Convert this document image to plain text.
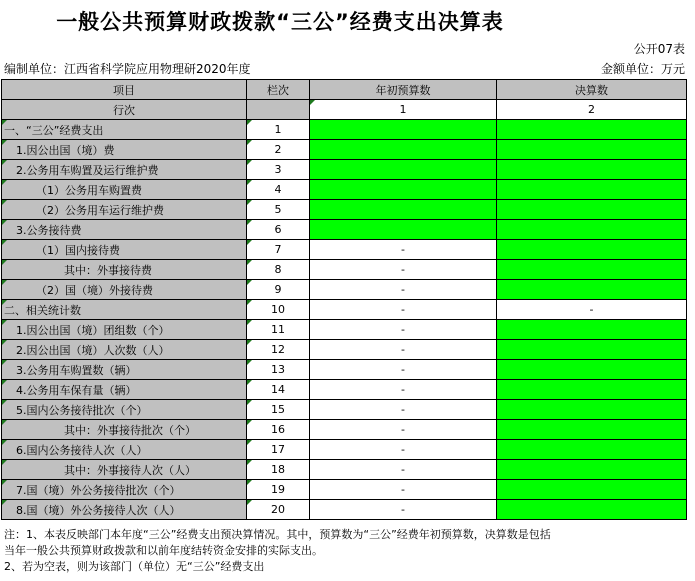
一般公共预算财政拨款“三公”经费支出决算表
公开07表
编制单位：江西省科学院应用物理研2020年度	金额单位：万元
项目	栏次	年初预算数	决算数
行次		1	2
一、“三公”经费支出	1		
1.因公出国（境）费	2		
2.公务用车购置及运行维护费	3		
（1）公务用车购置费	4		
（2）公务用车运行维护费	5		
3.公务接待费	6		
（1）国内接待费	7	-	
其中：外事接待费	8	-	
（2）国（境）外接待费	9	-	
二、相关统计数	10	-	-
1.因公出国（境）团组数（个）	11	-	
2.因公出国（境）人次数（人）	12	-	
3.公务用车购置数（辆）	13	-	
4.公务用车保有量（辆）	14	-	
5.国内公务接待批次（个）	15	-	
其中：外事接待批次（个）	16	-	
6.国内公务接待人次（人）	17	-	
其中：外事接待人次（人）	18	-	
7.国（境）外公务接待批次（个）	19	-	
8.国（境）外公务接待人次（人）	20	-	
注：1、本表反映部门本年度“三公”经费支出预决算情况。其中，预算数为“三公”经费年初预算数，决算数是包括
当年一般公共预算财政拨款和以前年度结转资金安排的实际支出。
2、若为空表，则为该部门（单位）无“三公”经费支出
